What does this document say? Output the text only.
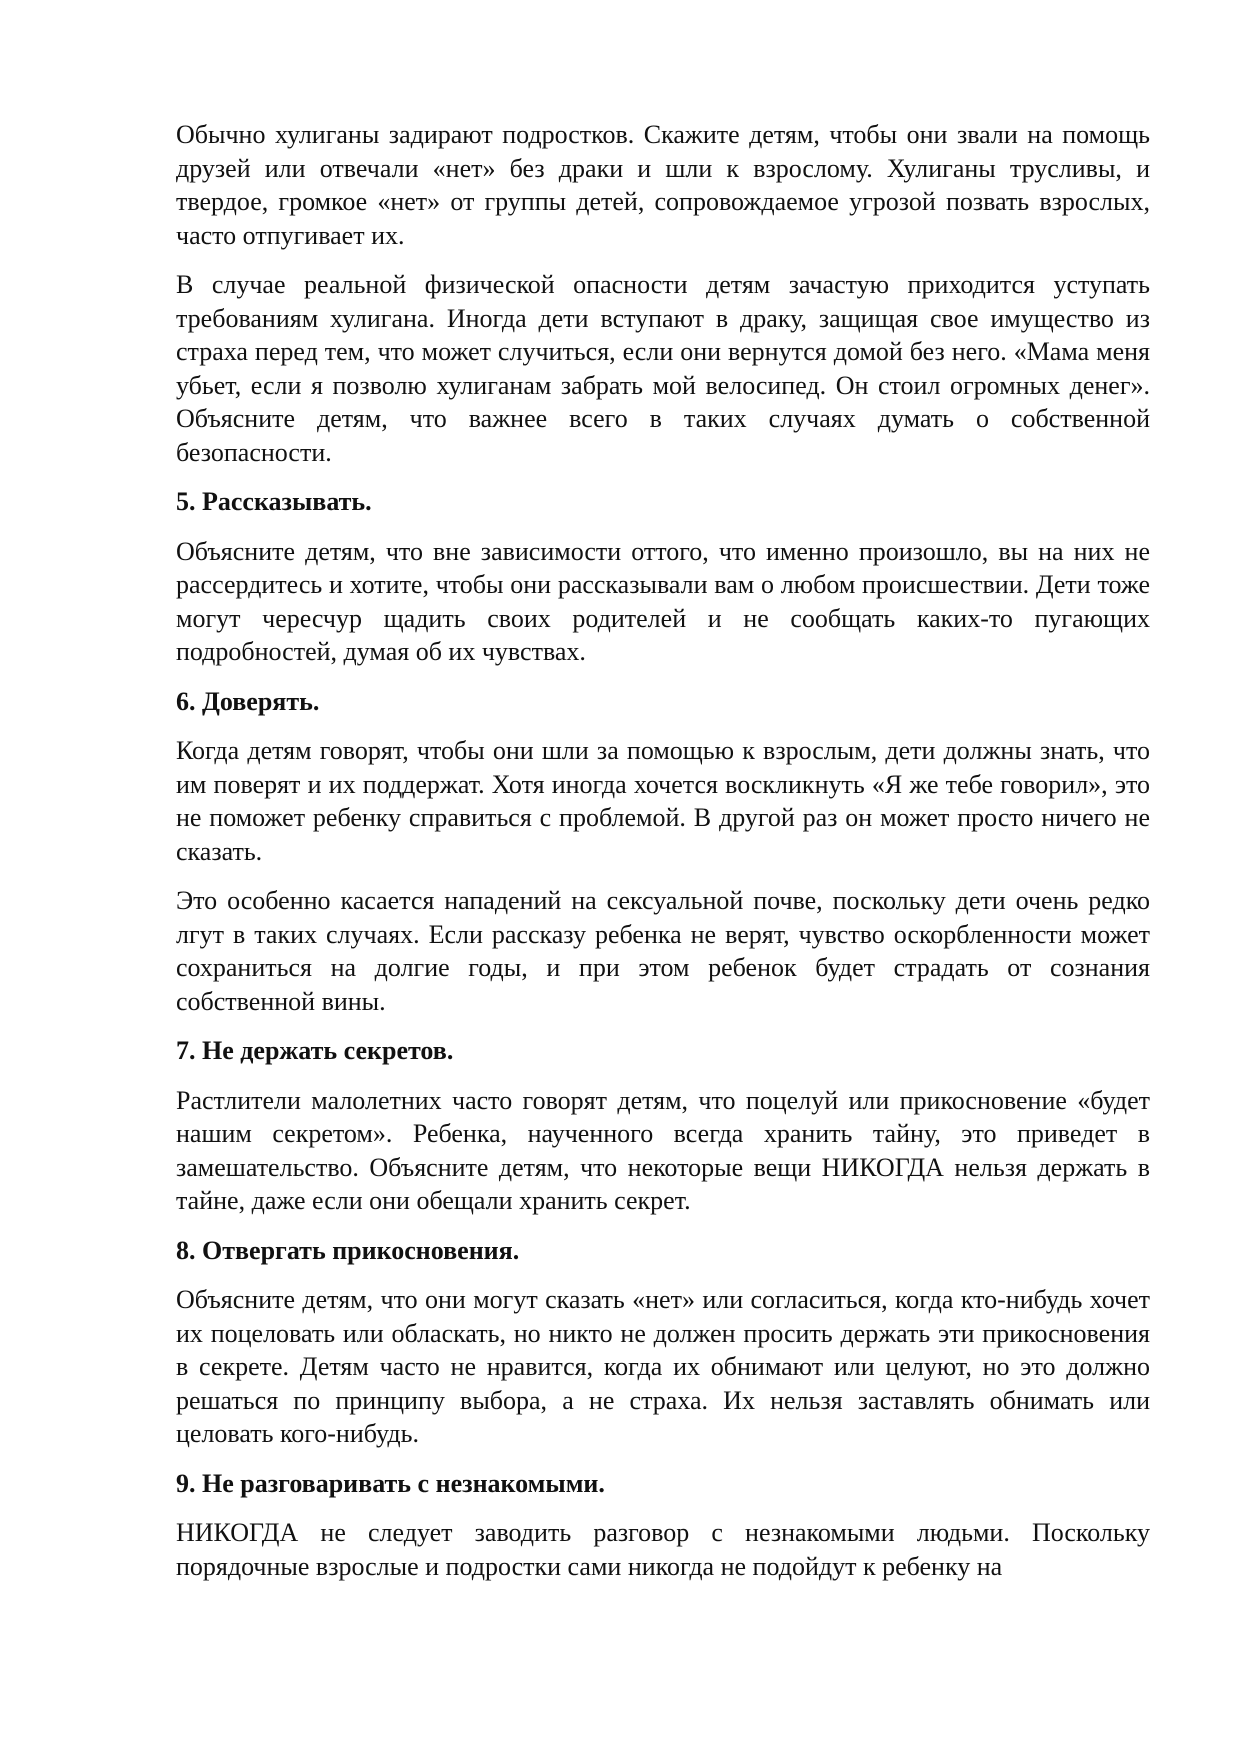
Обычно хулиганы задирают подростков. Скажите детям, чтобы они звали на помощь друзей или отвечали «нет» без драки и шли к взрослому. Хулиганы трусливы, и твердое, громкое «нет» от группы детей, сопровождаемое угрозой позвать взрослых, часто отпугивает их.

В случае реальной физической опасности детям зачастую приходится уступать требованиям хулигана. Иногда дети вступают в драку, защищая свое имущество из страха перед тем, что может случиться, если они вернутся домой без него. «Мама меня убьет, если я позволю хулиганам забрать мой велосипед. Он стоил огромных денег». Объясните детям, что важнее всего в таких случаях думать о собственной безопасности.

5. Рассказывать.

Объясните детям, что вне зависимости оттого, что именно произошло, вы на них не рассердитесь и хотите, чтобы они рассказывали вам о любом происшествии. Дети тоже могут чересчур щадить своих родителей и не сообщать каких-то пугающих подробностей, думая об их чувствах.

6. Доверять.

Когда детям говорят, чтобы они шли за помощью к взрослым, дети должны знать, что им поверят и их поддержат. Хотя иногда хочется воскликнуть «Я же тебе говорил», это не поможет ребенку справиться с проблемой. В другой раз он может просто ничего не сказать.

Это особенно касается нападений на сексуальной почве, поскольку дети очень редко лгут в таких случаях. Если рассказу ребенка не верят, чувство оскорбленности может сохраниться на долгие годы, и при этом ребенок будет страдать от сознания собственной вины.

7. Не держать секретов.

Растлители малолетних часто говорят детям, что поцелуй или прикосновение «будет нашим секретом». Ребенка, наученного всегда хранить тайну, это приведет в замешательство. Объясните детям, что некоторые вещи НИКОГДА нельзя держать в тайне, даже если они обещали хранить секрет.

8. Отвергать прикосновения.

Объясните детям, что они могут сказать «нет» или согласиться, когда кто-нибудь хочет их поцеловать или обласкать, но никто не должен просить держать эти прикосновения в секрете. Детям часто не нравится, когда их обнимают или целуют, но это должно решаться по принципу выбора, а не страха. Их нельзя заставлять обнимать или целовать кого-нибудь.

9. Не разговаривать с незнакомыми.

НИКОГДА не следует заводить разговор с незнакомыми людьми. Поскольку порядочные взрослые и подростки сами никогда не подойдут к ребенку на
